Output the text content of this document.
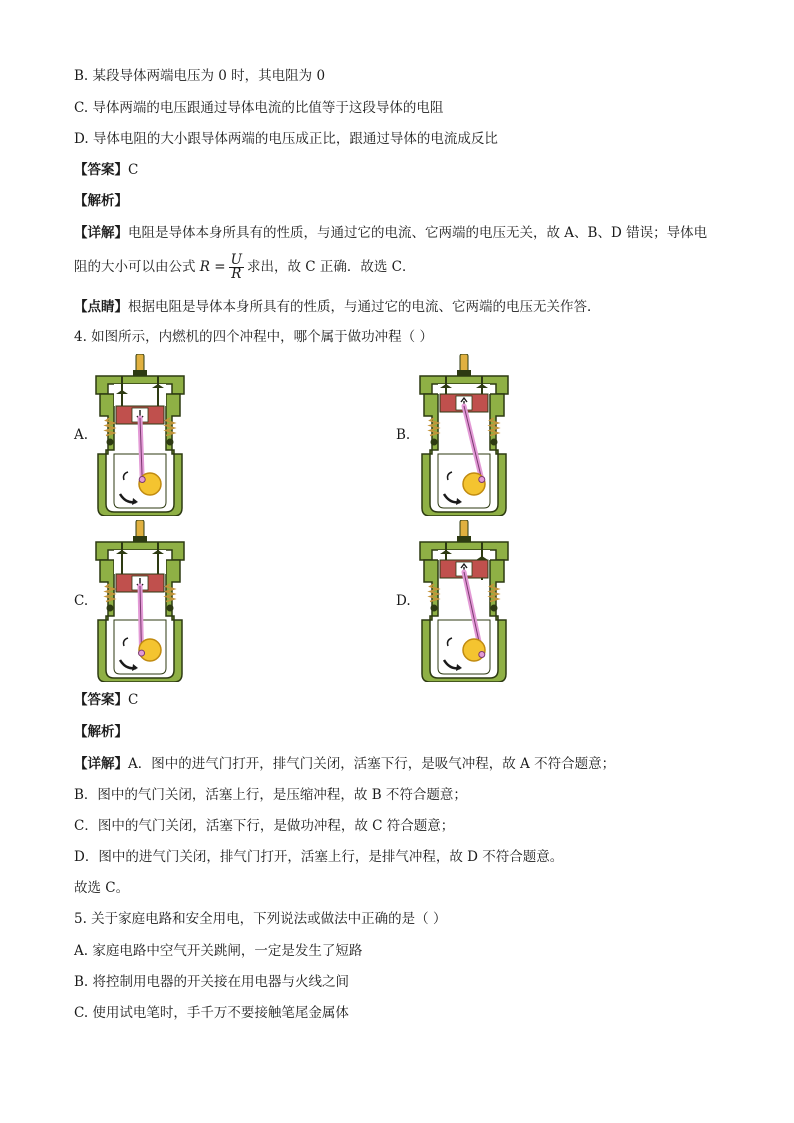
B. 某段导体两端电压为 0 时，其电阻为 0
C. 导体两端的电压跟通过导体电流的比值等于这段导体的电阻
D. 导体电阻的大小跟导体两端的电压成正比，跟通过导体的电流成反比
【答案】C
【解析】
【详解】电阻是导体本身所具有的性质，与通过它的电流、它两端的电压无关，故 A、B、D 错误；导体电
阻的大小可以由公式 $R = \frac{U}{R}$ 求出，故 C 正确．故选 C．
【点睛】根据电阻是导体本身所具有的性质，与通过它的电流、它两端的电压无关作答．
4. 如图所示，内燃机的四个冲程中，哪个属于做功冲程（ ）
A.	B.
C.	D.
【答案】C
【解析】
【详解】A．图中的进气门打开，排气门关闭，活塞下行，是吸气冲程，故 A 不符合题意；
B．图中的气门关闭，活塞上行，是压缩冲程，故 B 不符合题意；
C．图中的气门关闭，活塞下行，是做功冲程，故 C 符合题意；
D．图中的进气门关闭，排气门打开，活塞上行，是排气冲程，故 D 不符合题意。
故选 C。
5. 关于家庭电路和安全用电，下列说法或做法中正确的是（ ）
A. 家庭电路中空气开关跳闸，一定是发生了短路
B. 将控制用电器的开关接在用电器与火线之间
C. 使用试电笔时，手千万不要接触笔尾金属体
